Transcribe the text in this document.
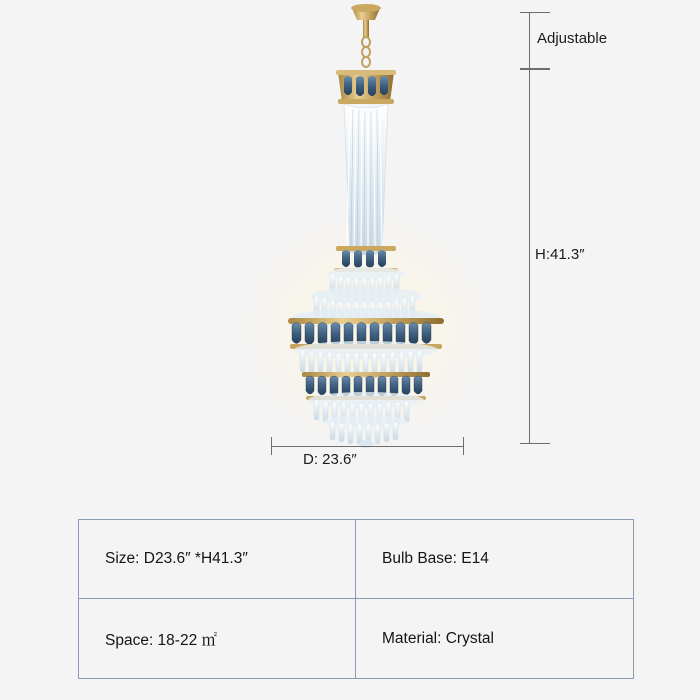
Adjustable
H:41.3″
D: 23.6″
Size: D23.6″ *H41.3″	Bulb Base: E14
Space: 18-22 ㎡	Material: Crystal
